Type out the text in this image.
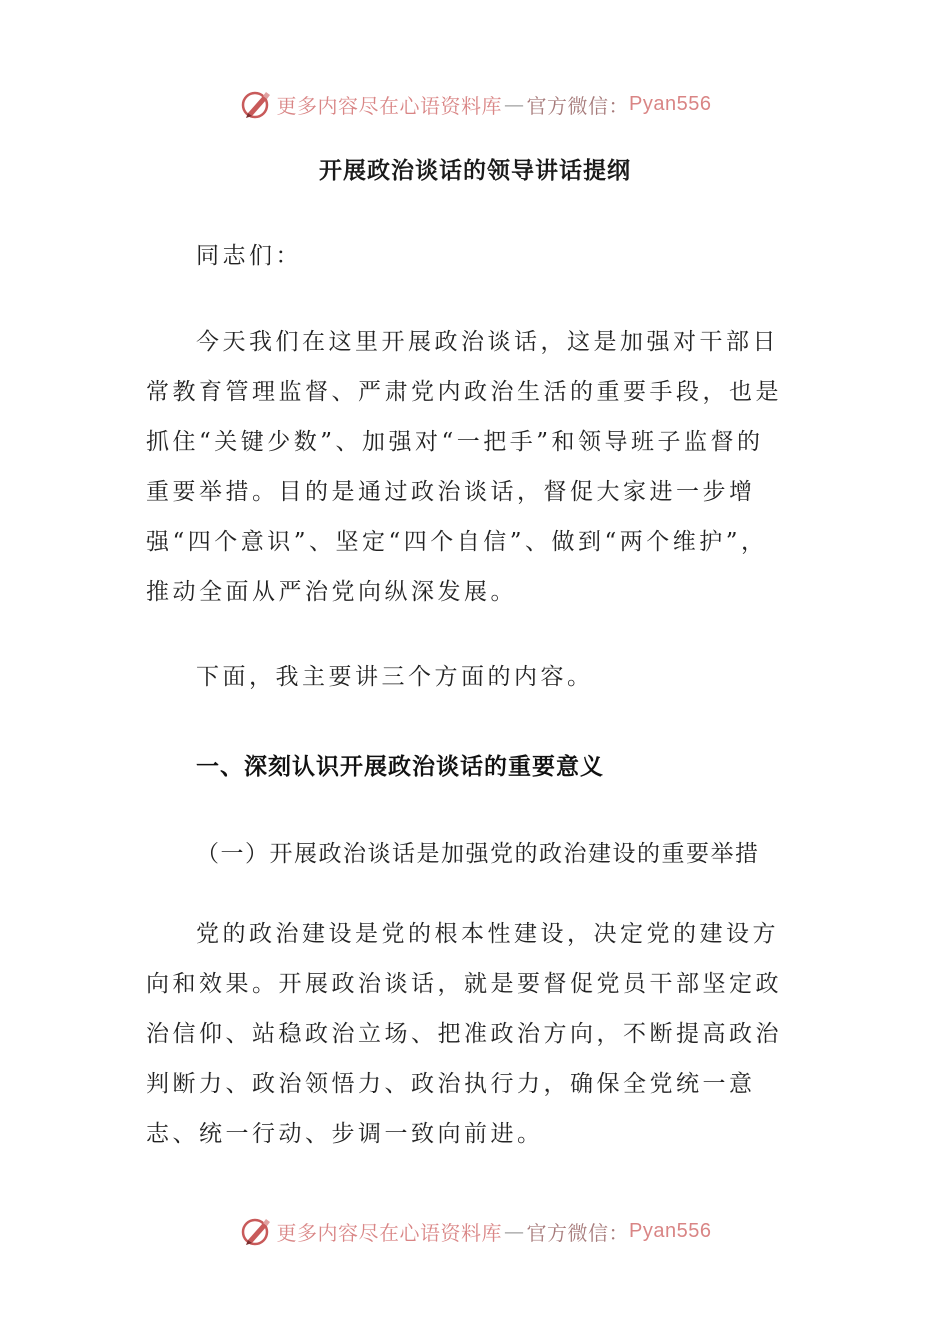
更多内容尽在心语资料库 — 官方微信： Pyan556
开展政治谈话的领导讲话提纲

同志们：

今天我们在这里开展政治谈话，这是加强对干部日常教育管理监督、严肃党内政治生活的重要手段，也是抓住“关键少数”、加强对“一把手”和领导班子监督的重要举措。目的是通过政治谈话，督促大家进一步增强“四个意识”、坚定“四个自信”、做到“两个维护”，推动全面从严治党向纵深发展。

下面，我主要讲三个方面的内容。

一、深刻认识开展政治谈话的重要意义

（一）开展政治谈话是加强党的政治建设的重要举措

党的政治建设是党的根本性建设，决定党的建设方向和效果。开展政治谈话，就是要督促党员干部坚定政治信仰、站稳政治立场、把准政治方向，不断提高政治判断力、政治领悟力、政治执行力，确保全党统一意志、统一行动、步调一致向前进。

更多内容尽在心语资料库 — 官方微信： Pyan556
